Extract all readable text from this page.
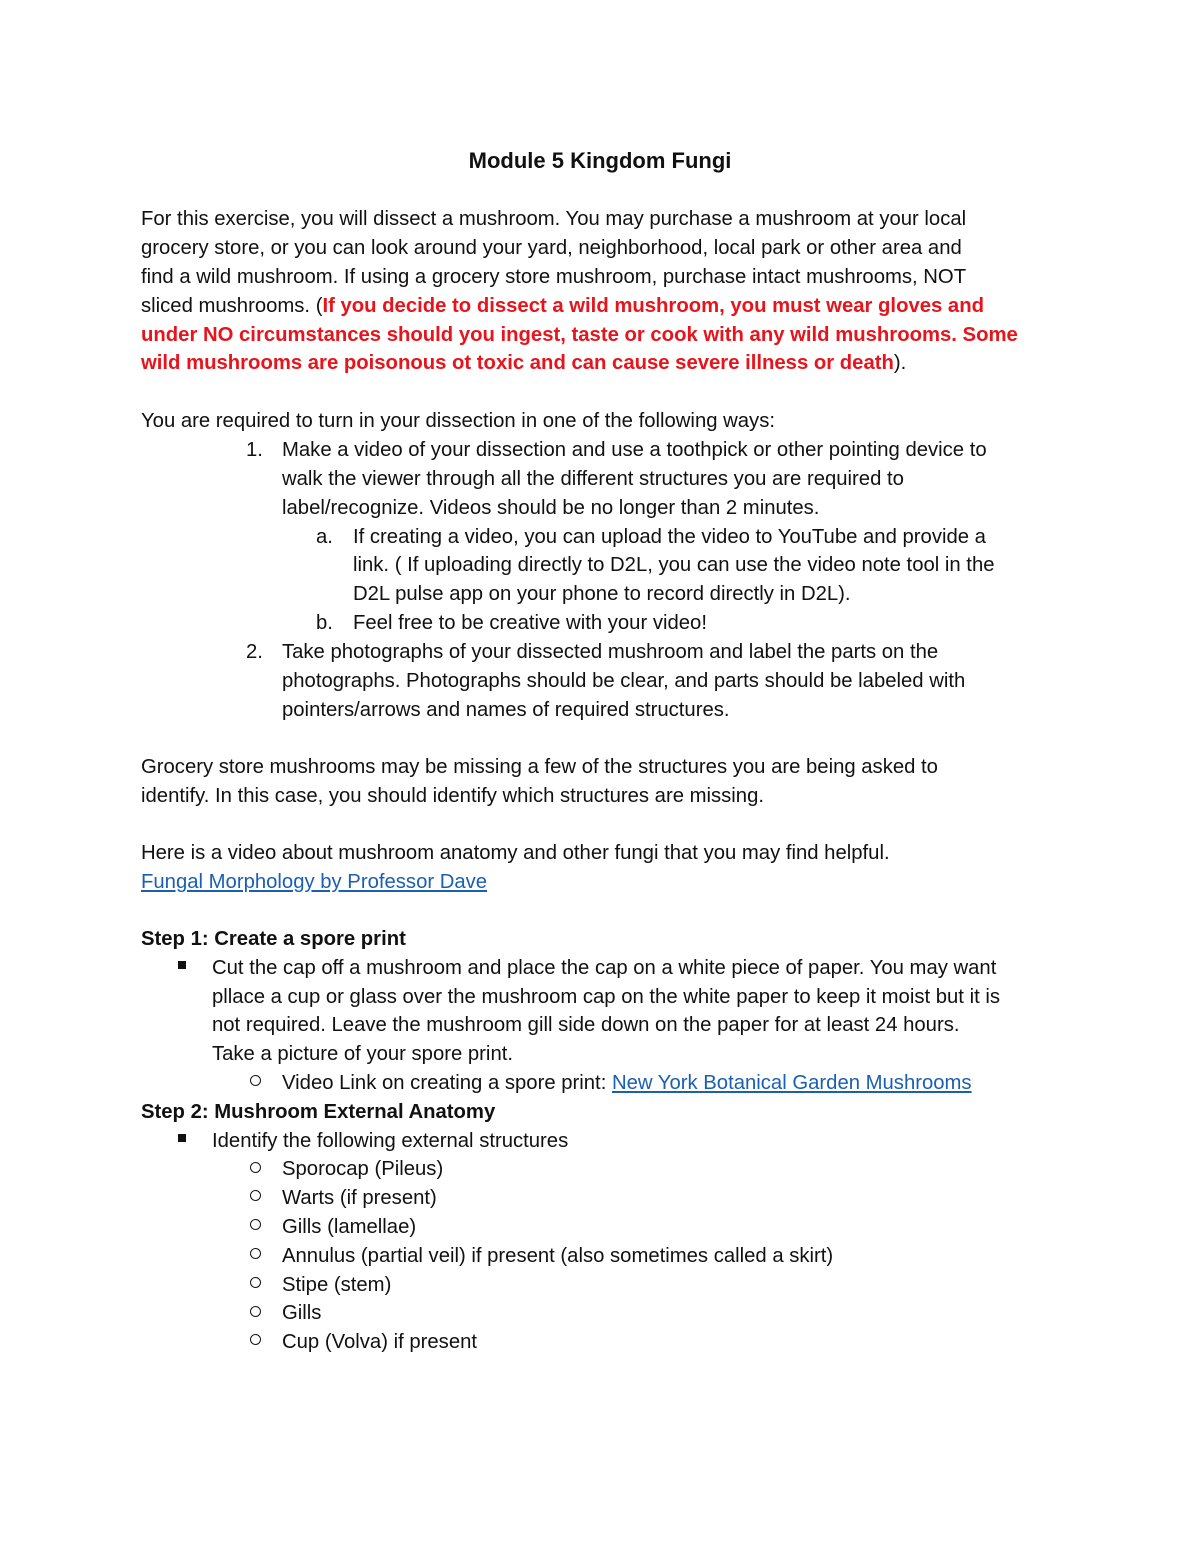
Module 5 Kingdom Fungi
For this exercise, you will dissect a mushroom. You may purchase a mushroom at your local
grocery store, or you can look around your yard, neighborhood, local park or other area and
find a wild mushroom. If using a grocery store mushroom, purchase intact mushrooms, NOT
sliced mushrooms. (If you decide to dissect a wild mushroom, you must wear gloves and
under NO circumstances should you ingest, taste or cook with any wild mushrooms. Some
wild mushrooms are poisonous ot toxic and can cause severe illness or death).
You are required to turn in your dissection in one of the following ways:
1. Make a video of your dissection and use a toothpick or other pointing device to
walk the viewer through all the different structures you are required to
label/recognize. Videos should be no longer than 2 minutes.
a. If creating a video, you can upload the video to YouTube and provide a
link. ( If uploading directly to D2L, you can use the video note tool in the
D2L pulse app on your phone to record directly in D2L).
b. Feel free to be creative with your video!
2. Take photographs of your dissected mushroom and label the parts on the
photographs. Photographs should be clear, and parts should be labeled with
pointers/arrows and names of required structures.
Grocery store mushrooms may be missing a few of the structures you are being asked to
identify. In this case, you should identify which structures are missing.
Here is a video about mushroom anatomy and other fungi that you may find helpful.
Fungal Morphology by Professor Dave
Step 1: Create a spore print
Cut the cap off a mushroom and place the cap on a white piece of paper. You may want
pllace a cup or glass over the mushroom cap on the white paper to keep it moist but it is
not required. Leave the mushroom gill side down on the paper for at least 24 hours.
Take a picture of your spore print.
Video Link on creating a spore print: New York Botanical Garden Mushrooms
Step 2: Mushroom External Anatomy
Identify the following external structures
Sporocap (Pileus)
Warts (if present)
Gills (lamellae)
Annulus (partial veil) if present (also sometimes called a skirt)
Stipe (stem)
Gills
Cup (Volva) if present
